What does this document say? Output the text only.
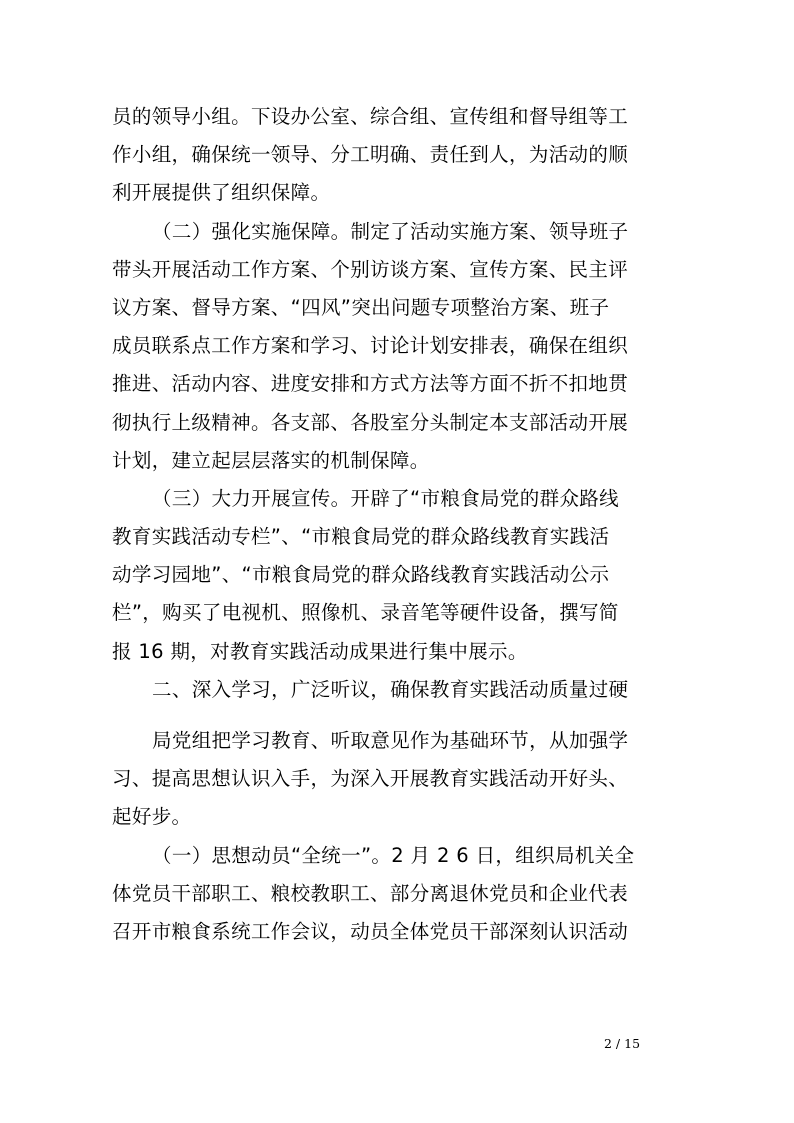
员的领导小组。下设办公室、综合组、宣传组和督导组等工
作小组，确保统一领导、分工明确、责任到人，为活动的顺
利开展提供了组织保障。
（二）强化实施保障。制定了活动实施方案、领导班子
带头开展活动工作方案、个别访谈方案、宣传方案、民主评
议方案、督导方案、“四风”突出问题专项整治方案、班子
成员联系点工作方案和学习、讨论计划安排表，确保在组织
推进、活动内容、进度安排和方式方法等方面不折不扣地贯
彻执行上级精神。各支部、各股室分头制定本支部活动开展
计划，建立起层层落实的机制保障。
（三）大力开展宣传。开辟了“市粮食局党的群众路线
教育实践活动专栏”、“市粮食局党的群众路线教育实践活
动学习园地”、“市粮食局党的群众路线教育实践活动公示
栏”，购买了电视机、照像机、录音笔等硬件设备，撰写简
报 16 期，对教育实践活动成果进行集中展示。
二、深入学习，广泛听议，确保教育实践活动质量过硬
局党组把学习教育、听取意见作为基础环节，从加强学
习、提高思想认识入手，为深入开展教育实践活动开好头、
起好步。
（一）思想动员“全统一”。2 月 2 6 日，组织局机关全
体党员干部职工、粮校教职工、部分离退休党员和企业代表
召开市粮食系统工作会议，动员全体党员干部深刻认识活动
2 / 15
